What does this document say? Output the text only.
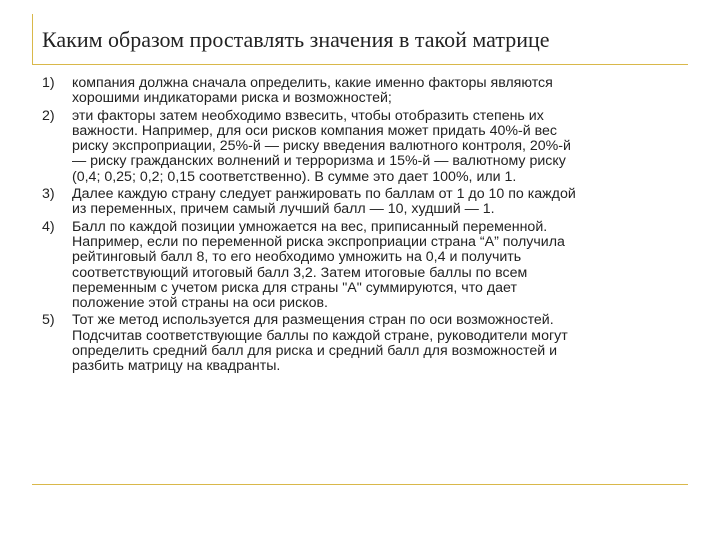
Каким образом проставлять значения в такой матрице
1)	компания должна сначала определить, какие именно факторы являются
хорошими индикаторами риска и возможностей;
2)	эти факторы затем необходимо взвесить, чтобы отобразить степень их
важности. Например, для оси рисков компания может придать 40%-й вес
риску экспроприации, 25%-й — риску введения валютного контроля, 20%-й
— риску гражданских волнений и терроризма и 15%-й — валютному риску
(0,4; 0,25; 0,2; 0,15 соответственно). В сумме это дает 100%, или 1.
3)	Далее каждую страну следует ранжировать по баллам от 1 до 10 по каждой
из переменных, причем самый лучший балл — 10, худший — 1.
4)	Балл по каждой позиции умножается на вес, приписанный переменной.
Например, если по переменной риска экспроприации страна “А” получила
рейтинговый балл 8, то его необходимо умножить на 0,4 и получить
соответствующий итоговый балл 3,2. Затем итоговые баллы по всем
переменным с учетом риска для страны "А" суммируются, что дает
положение этой страны на оси рисков.
5)	Тот же метод используется для размещения стран по оси возможностей.
Подсчитав соответствующие баллы по каждой стране, руководители могут
определить средний балл для риска и средний балл для возможностей и
разбить матрицу на квадранты.
